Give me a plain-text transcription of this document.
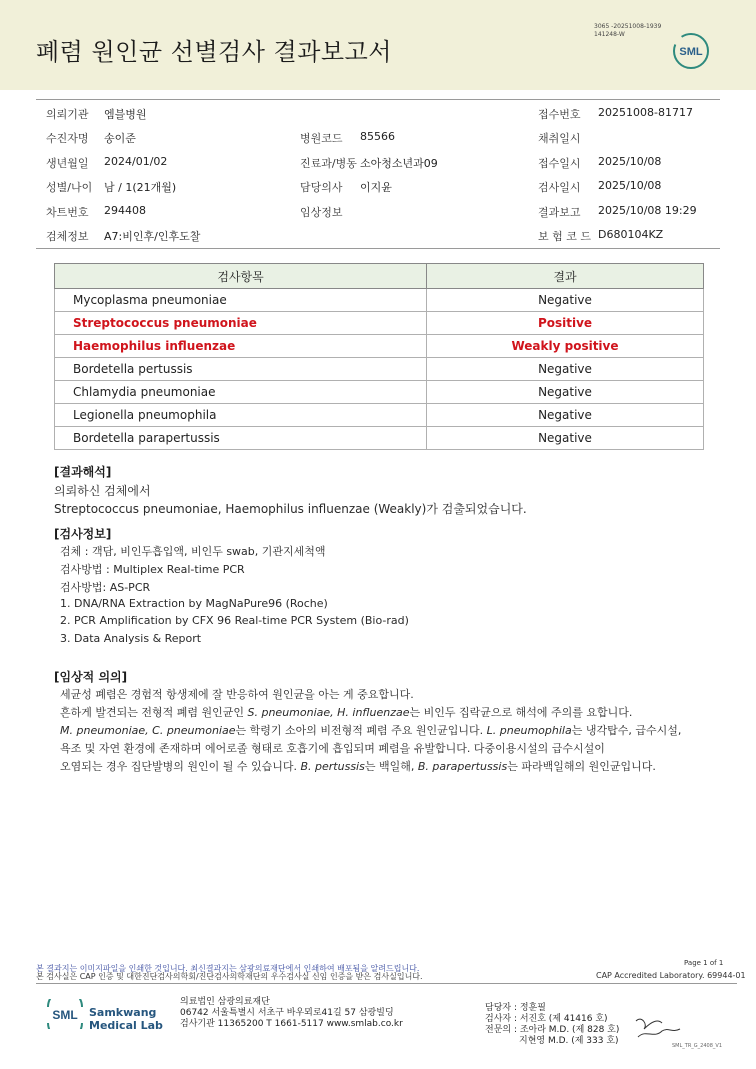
폐렴 원인균 선별검사 결과보고서
3065 -20251008-1939
141248-W
SML
의뢰기관 엠블병원	접수번호 20251008-81717
수진자명 송이준	병원코드 85566	채취일시
생년월일 2024/01/02	진료과/병동 소아청소년과09	접수일시 2025/10/08
성별/나이 남 / 1(21개월)	담당의사 이지윤	검사일시 2025/10/08
차트번호 294408	임상정보	결과보고 2025/10/08 19:29
검체정보 A7:비인후/인후도찰	보 험 코 드 D680104KZ
검사항목	결과
Mycoplasma pneumoniae	Negative
Streptococcus pneumoniae	Positive
Haemophilus influenzae	Weakly positive
Bordetella pertussis	Negative
Chlamydia pneumoniae	Negative
Legionella pneumophila	Negative
Bordetella parapertussis	Negative
[결과해석]
의뢰하신 검체에서
Streptococcus pneumoniae, Haemophilus influenzae (Weakly)가 검출되었습니다.
[검사정보]
검체 : 객담, 비인두흡입액, 비인두 swab, 기관지세척액
검사방법 : Multiplex Real-time PCR
검사방법: AS-PCR
1. DNA/RNA Extraction by MagNaPure96 (Roche)
2. PCR Amplification by CFX 96 Real-time PCR System (Bio-rad)
3. Data Analysis & Report
[임상적 의의]
세균성 폐렴은 경험적 항생제에 잘 반응하여 원인균을 아는 게 중요합니다.
흔하게 발견되는 전형적 폐렴 원인균인 S. pneumoniae, H. influenzae는 비인두 집락균으로 해석에 주의를 요합니다.
M. pneumoniae, C. pneumoniae는 학령기 소아의 비전형적 폐렴 주요 원인균입니다. L. pneumophila는 냉각탑수, 급수시설,
욕조 및 자연 환경에 존재하며 에어로졸 형태로 호흡기에 흡입되며 폐렴을 유발합니다. 다중이용시설의 급수시설이
오염되는 경우 집단발병의 원인이 될 수 있습니다. B. pertussis는 백일해, B. parapertussis는 파라백일해의 원인균입니다.
본 결과지는 이미지파일을 인쇄한 것입니다. 최신결과지는 삼광의료재단에서 인쇄하여 배포됨을 알려드립니다.
본 검사실은 CAP 인증 및 대한진단검사의학회/진단검사의학재단의 우수검사실 신임 인증을 받은 검사실입니다.
Page 1 of 1
CAP Accredited Laboratory. 69944-01
SML Samkwang
Medical Lab
의료법인 삼광의료재단
06742 서울특별시 서초구 바우뫼로41길 57 삼광빌딩
검사기관 11365200 T 1661-5117 www.smlab.co.kr
담당자 : 정훈필
검사자 : 서진호 (제 41416 호)
전문의 : 조아라 M.D. (제 828 호)
지현영 M.D. (제 333 호)	SML_TR_G_2408_V1
